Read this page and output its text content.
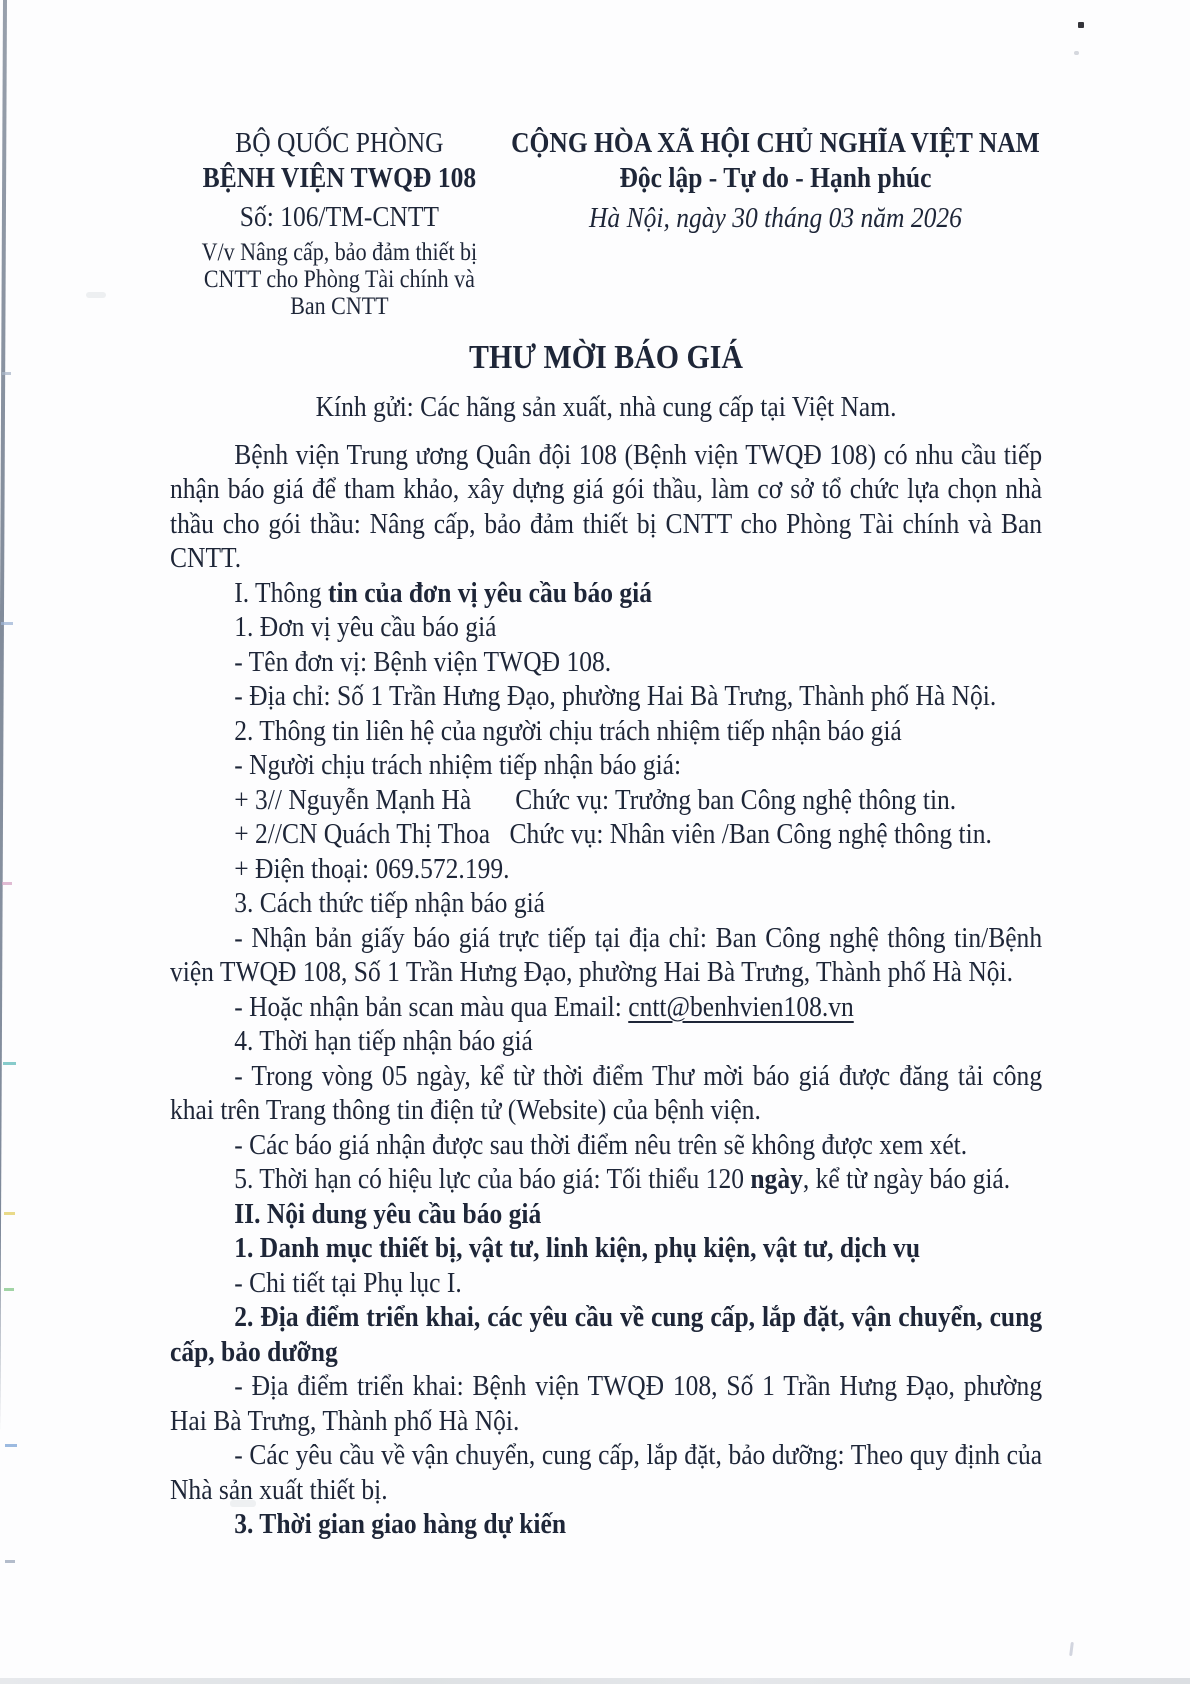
BỘ QUỐC PHÒNG
BỆNH VIỆN TWQĐ 108
Số: 106/TM-CNTT
V/v Nâng cấp, bảo đảm thiết bị CNTT cho Phòng Tài chính và Ban CNTT
CỘNG HÒA XÃ HỘI CHỦ NGHĨA VIỆT NAM
Độc lập - Tự do - Hạnh phúc
Hà Nội, ngày 30 tháng 03 năm 2026
THƯ MỜI BÁO GIÁ
Kính gửi: Các hãng sản xuất, nhà cung cấp tại Việt Nam.

Bệnh viện Trung ương Quân đội 108 (Bệnh viện TWQĐ 108) có nhu cầu tiếp nhận báo giá để tham khảo, xây dựng giá gói thầu, làm cơ sở tổ chức lựa chọn nhà thầu cho gói thầu: Nâng cấp, bảo đảm thiết bị CNTT cho Phòng Tài chính và Ban CNTT.

I. Thông tin của đơn vị yêu cầu báo giá

1. Đơn vị yêu cầu báo giá

- Tên đơn vị: Bệnh viện TWQĐ 108.

- Địa chỉ: Số 1 Trần Hưng Đạo, phường Hai Bà Trưng, Thành phố Hà Nội.

2. Thông tin liên hệ của người chịu trách nhiệm tiếp nhận báo giá

- Người chịu trách nhiệm tiếp nhận báo giá:

+ 3// Nguyễn Mạnh Hà Chức vụ: Trưởng ban Công nghệ thông tin.

+ 2//CN Quách Thị Thoa Chức vụ: Nhân viên /Ban Công nghệ thông tin.

+ Điện thoại: 069.572.199.

3. Cách thức tiếp nhận báo giá

- Nhận bản giấy báo giá trực tiếp tại địa chỉ: Ban Công nghệ thông tin/Bệnh viện TWQĐ 108, Số 1 Trần Hưng Đạo, phường Hai Bà Trưng, Thành phố Hà Nội.

- Hoặc nhận bản scan màu qua Email: cntt@benhvien108.vn

4. Thời hạn tiếp nhận báo giá

- Trong vòng 05 ngày, kể từ thời điểm Thư mời báo giá được đăng tải công khai trên Trang thông tin điện tử (Website) của bệnh viện.

- Các báo giá nhận được sau thời điểm nêu trên sẽ không được xem xét.

5. Thời hạn có hiệu lực của báo giá: Tối thiểu 120 ngày, kể từ ngày báo giá.

II. Nội dung yêu cầu báo giá

1. Danh mục thiết bị, vật tư, linh kiện, phụ kiện, vật tư, dịch vụ

- Chi tiết tại Phụ lục I.

2. Địa điểm triển khai, các yêu cầu về cung cấp, lắp đặt, vận chuyển, cung cấp, bảo dưỡng

- Địa điểm triển khai: Bệnh viện TWQĐ 108, Số 1 Trần Hưng Đạo, phường Hai Bà Trưng, Thành phố Hà Nội.

- Các yêu cầu về vận chuyển, cung cấp, lắp đặt, bảo dưỡng: Theo quy định của Nhà sản xuất thiết bị.

3. Thời gian giao hàng dự kiến
